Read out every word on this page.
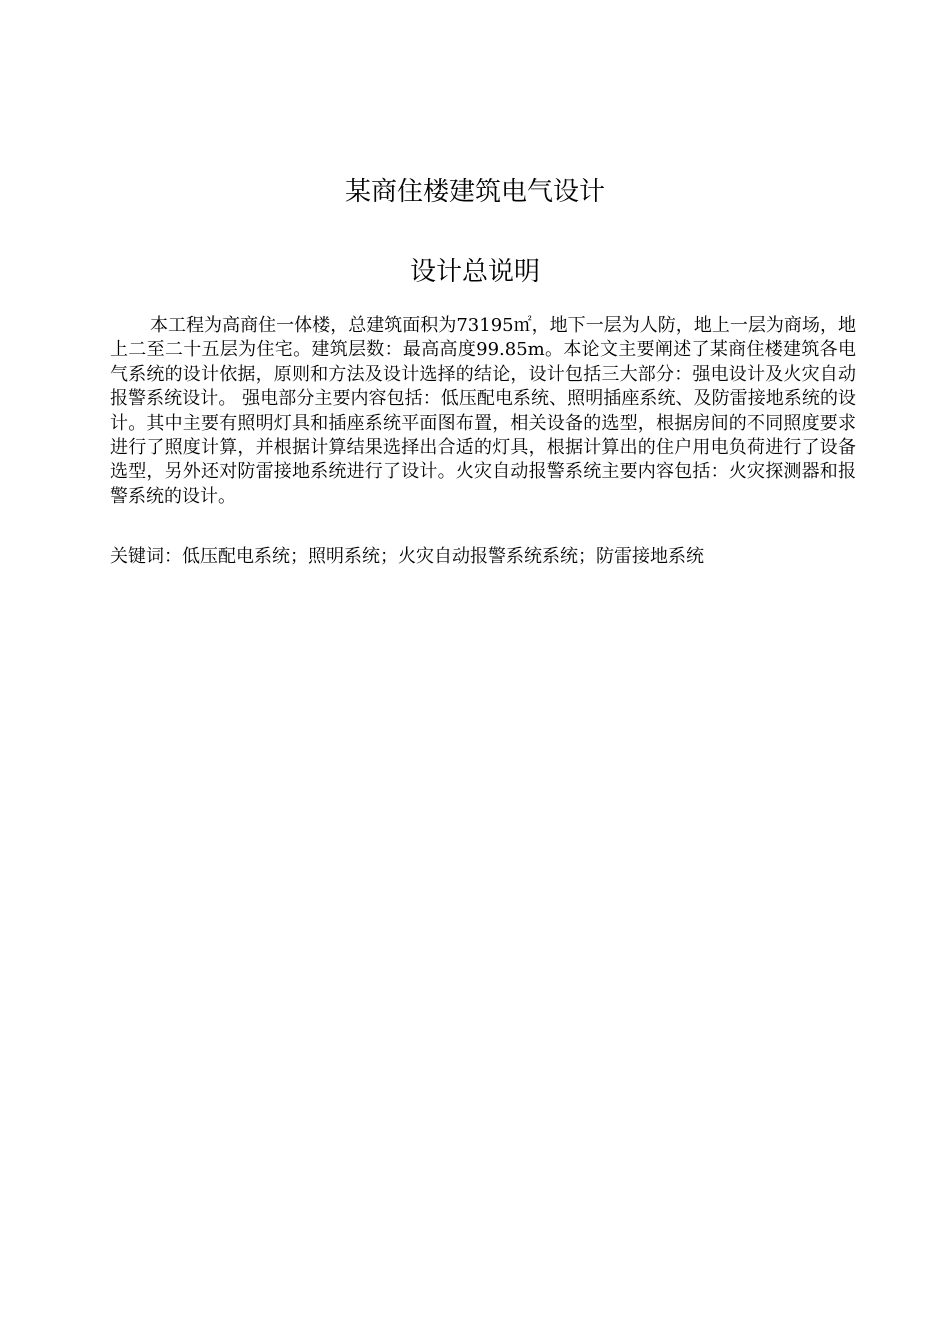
某商住楼建筑电气设计
设计总说明

本工程为高商住一体楼，总建筑面积为73195㎡，地下一层为人防，地上一层为商场，地上二至二十五层为住宅。建筑层数：最高高度99.85m。本论文主要阐述了某商住楼建筑各电气系统的设计依据，原则和方法及设计选择的结论，设计包括三大部分：强电设计及火灾自动报警系统设计。 强电部分主要内容包括：低压配电系统、照明插座系统、及防雷接地系统的设计。其中主要有照明灯具和插座系统平面图布置，相关设备的选型，根据房间的不同照度要求进行了照度计算，并根据计算结果选择出合适的灯具，根据计算出的住户用电负荷进行了设备选型，另外还对防雷接地系统进行了设计。火灾自动报警系统主要内容包括：火灾探测器和报警系统的设计。

关键词：低压配电系统；照明系统；火灾自动报警系统系统；防雷接地系统
